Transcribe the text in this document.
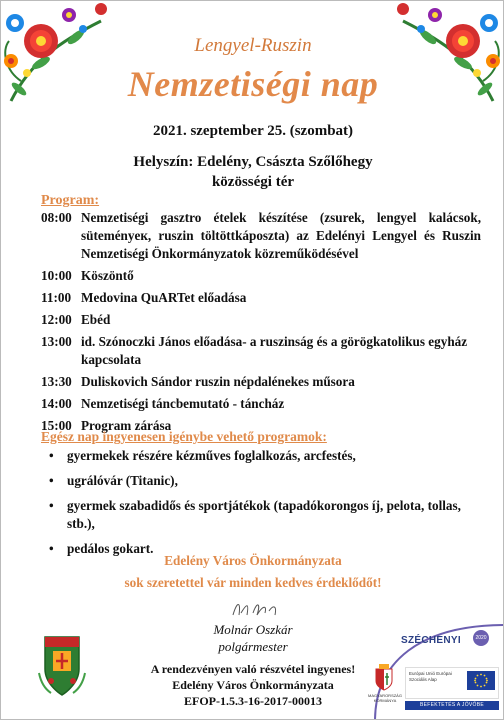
Lengyel-Ruszin
Nemzetiségi nap
2021. szeptember 25. (szombat)
Helyszín: Edelény, Császta Szőlőhegy
közösségi tér
Program:
08:00 Nemzetiségi gasztro ételek készítése (zsurek, lengyel kalácsok, süteményeк, ruszin töltöttkáposzta) az Edelényi Lengyel és Ruszin Nemzetiségi Önkormányzatok közreműködésével
10:00 Köszöntő
11:00 Medovina QuARTet előadása
12:00 Ebéd
13:00 id. Szónoczki János előadása- a ruszinság és a görögkatolikus egyház kapcsolata
13:30 Duliskovich Sándor ruszin népdalénekes műsora
14:00 Nemzetiségi táncbemutató - táncház
15:00 Program zárása
Egész nap ingyenesen igénybe vehető programok:
• gyermekek részére kézműves foglalkozás, arcfestés,
• ugrálóvár (Titanic),
• gyermek szabadidős és sportjátékok (tapadókorongos íj, pelota, tollas, stb.),
• pedálos gokart.
Edelény Város Önkormányzata
sok szeretettel vár minden kedves érdeklődőt!
Molnár Oszkár
polgármester
A rendezvényen való részvétel ingyenes!
Edelény Város Önkormányzata
EFOP-1.5.3-16-2017-00013
SZÉCHENYI	2020
MAGYARORSZÁG KORMÁNYA
Európai Unió Európai Szociális Alap
BEFEKTETÉS A JÖVŐBE
